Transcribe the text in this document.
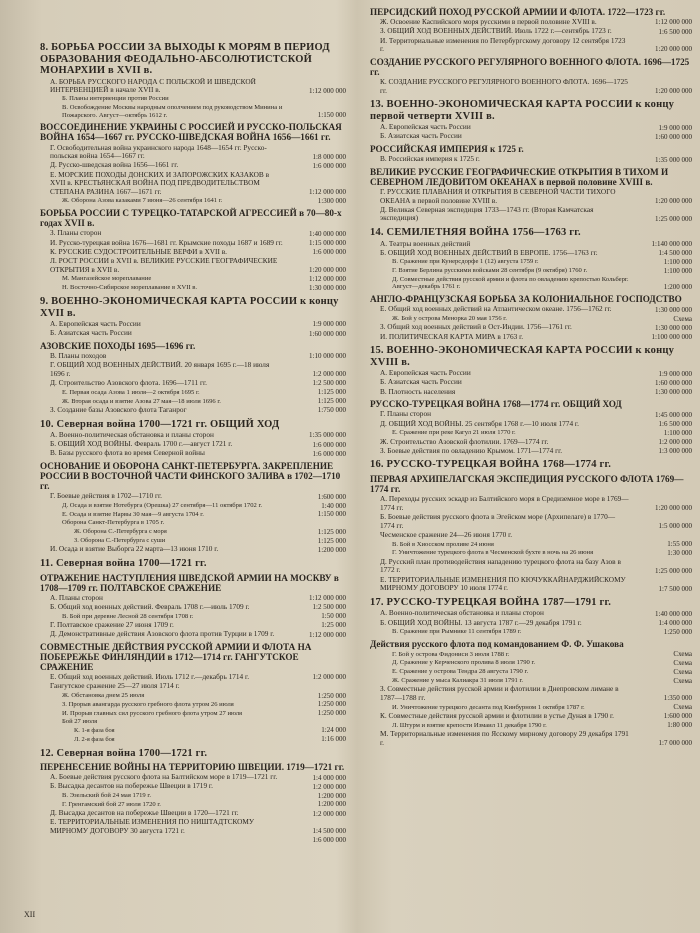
8. БОРЬБА РОССИИ ЗА ВЫХОДЫ К МОРЯМ В ПЕРИОД ОБРАЗОВАНИЯ ФЕОДАЛЬНО-АБСОЛЮТИСТСКОЙ МОНАРХИИ в XVII в.
А. БОРЬБА РУССКОГО НАРОДА С ПОЛЬСКОЙ И ШВЕДСКОЙ ИНТЕРВЕНЦИЕЙ в начале XVII в.	1:12 000 000
Б. Планы интервенции против России
В. Освобождение Москвы народным ополчением под руководством Минина и Пожарского. Август—октябрь 1612 г.	1:150 000
ВОССОЕДИНЕНИЕ УКРАИНЫ С РОССИЕЙ И РУССКО-ПОЛЬСКАЯ ВОЙНА 1654—1667 гг. РУССКО-ШВЕДСКАЯ ВОЙНА 1656—1661 гг.
Г. Освободительная война украинского народа 1648—1654 гг. Русско-польская война 1654—1667 гг.	1:8 000 000
Д. Русско-шведская война 1656—1661 гг.	1:6 000 000
Е. МОРСКИЕ ПОХОДЫ ДОНСКИХ И ЗАПОРОЖСКИХ КАЗАКОВ в XVII в. КРЕСТЬЯНСКАЯ ВОЙНА ПОД ПРЕДВОДИТЕЛЬСТВОМ СТЕПАНА РАЗИНА 1667—1671 гг.	1:12 000 000
Ж. Оборона Азова казаками 7 июня—26 сентября 1641 г.	1:300 000
БОРЬБА РОССИИ С ТУРЕЦКО-ТАТАРСКОЙ АГРЕССИЕЙ в 70—80-х годах XVII в.
З. Планы сторон	1:40 000 000
И. Русско-турецкая война 1676—1681 гг. Крымские походы 1687 и 1689 гг.	1:15 000 000
К. РУССКИЕ СУДОСТРОИТЕЛЬНЫЕ ВЕРФИ в XVII в.	1:6 000 000
Л. РОСТ РОССИИ в XVII в. ВЕЛИКИЕ РУССКИЕ ГЕОГРАФИЧЕСКИЕ ОТКРЫТИЯ в XVII в.	1:20 000 000
М. Мангазейское мореплавание	1:12 000 000
Н. Восточно-Сибирское мореплавание в XVII в.	1:30 000 000
9. ВОЕННО-ЭКОНОМИЧЕСКАЯ КАРТА РОССИИ к концу XVII в.
А. Европейская часть России	1:9 000 000
Б. Азиатская часть России	1:60 000 000
АЗОВСКИЕ ПОХОДЫ 1695—1696 гг.
В. Планы походов	1:10 000 000
Г. ОБЩИЙ ХОД ВОЕННЫХ ДЕЙСТВИЙ. 20 января 1695 г.—18 июля 1696 г.	1:2 000 000
Д. Строительство Азовского флота. 1696—1711 гг.	1:2 500 000
Е. Первая осада Азова 1 июля—2 октября 1695 г.	1:125 000
Ж. Вторая осада и взятие Азова 27 мая—18 июля 1696 г.	1:125 000
З. Создание базы Азовского флота Таганрог	1:750 000
10. Северная война 1700—1721 гг. ОБЩИЙ ХОД
А. Военно-политическая обстановка и планы сторон	1:35 000 000
Б. ОБЩИЙ ХОД ВОЙНЫ. Февраль 1700 г.—август 1721 г.	1:6 000 000
В. Базы русского флота во время Северной войны	1:6 000 000
ОСНОВАНИЕ И ОБОРОНА САНКТ-ПЕТЕРБУРГА. ЗАКРЕПЛЕНИЕ РОССИИ В ВОСТОЧНОЙ ЧАСТИ ФИНСКОГО ЗАЛИВА в 1702—1710 гг.
Г. Боевые действия в 1702—1710 гг.	1:600 000
Д. Осада и взятие Нотебурга (Орешка) 27 сентября—11 октября 1702 г.	1:40 000
Е. Осада и взятие Нарвы 30 мая—9 августа 1704 г.	1:150 000
Оборона Санкт-Петербурга в 1705 г.
Ж. Оборона С.-Петербурга с моря	1:125 000
З. Оборона С.-Петербурга с суши	1:125 000
И. Осада и взятие Выборга 22 марта—13 июня 1710 г.	1:200 000
11. Северная война 1700—1721 гг.
ОТРАЖЕНИЕ НАСТУПЛЕНИЯ ШВЕДСКОЙ АРМИИ НА МОСКВУ в 1708—1709 гг. ПОЛТАВСКОЕ СРАЖЕНИЕ
А. Планы сторон	1:12 000 000
Б. Общий ход военных действий. Февраль 1708 г.—июль 1709 г.	1:2 500 000
В. Бой при деревне Лесной 28 сентября 1708 г.	1:50 000
Г. Полтавское сражение 27 июня 1709 г.	1:25 000
Д. Демонстративные действия Азовского флота против Турции в 1709 г.	1:12 000 000
СОВМЕСТНЫЕ ДЕЙСТВИЯ РУССКОЙ АРМИИ И ФЛОТА НА ПОБЕРЕЖЬЕ ФИНЛЯНДИИ в 1712—1714 гг. ГАНГУТСКОЕ СРАЖЕНИЕ
Е. Общий ход военных действий. Июль 1712 г.—декабрь 1714 г.	1:2 000 000
Гангутское сражение 25—27 июля 1714 г.
Ж. Обстановка днем 25 июля	1:250 000
З. Прорыв авангарда русского гребного флота утром 26 июля	1:250 000
И. Прорыв главных сил русского гребного флота утром 27 июля	1:250 000
Бой 27 июля
К. 1-я фаза боя	1:24 000
Л. 2-я фаза боя	1:16 000
12. Северная война 1700—1721 гг.
ПЕРЕНЕСЕНИЕ ВОЙНЫ НА ТЕРРИТОРИЮ ШВЕЦИИ. 1719—1721 гг.
А. Боевые действия русского флота на Балтийском море в 1719—1721 гг.	1:4 000 000
Б. Высадка десантов на побережье Швеции в 1719 г.	1:2 000 000
В. Эзельский бой 24 мая 1719 г.	1:200 000
Г. Гренгамский бой 27 июля 1720 г.	1:200 000
Д. Высадка десантов на побережье Швеции в 1720—1721 гг.	1:2 000 000
Е. ТЕРРИТОРИАЛЬНЫЕ ИЗМЕНЕНИЯ ПО НИШТАДТСКОМУ МИРНОМУ ДОГОВОРУ 30 августа 1721 г.	1:4 500 000
1:6 000 000
ПЕРСИДСКИЙ ПОХОД РУССКОЙ АРМИИ И ФЛОТА. 1722—1723 гг.
Ж. Освоение Каспийского моря русскими в первой половине XVIII в.	1:12 000 000
З. ОБЩИЙ ХОД ВОЕННЫХ ДЕЙСТВИЙ. Июль 1722 г.—сентябрь 1723 г.	1:6 500 000
И. Территориальные изменения по Петербургскому договору 12 сентября 1723 г.	1:20 000 000
СОЗДАНИЕ РУССКОГО РЕГУЛЯРНОГО ВОЕННОГО ФЛОТА. 1696—1725 гг.
К. СОЗДАНИЕ РУССКОГО РЕГУЛЯРНОГО ВОЕННОГО ФЛОТА. 1696—1725 гг.	1:20 000 000
13. ВОЕННО-ЭКОНОМИЧЕСКАЯ КАРТА РОССИИ к концу первой четверти XVIII в.
А. Европейская часть России	1:9 000 000
Б. Азиатская часть России	1:60 000 000
РОССИЙСКАЯ ИМПЕРИЯ к 1725 г.
В. Российская империя к 1725 г.	1:35 000 000
ВЕЛИКИЕ РУССКИЕ ГЕОГРАФИЧЕСКИЕ ОТКРЫТИЯ В ТИХОМ И СЕВЕРНОМ ЛЕДОВИТОМ ОКЕАНАХ в первой половине XVIII в.
Г. РУССКИЕ ПЛАВАНИЯ И ОТКРЫТИЯ В СЕВЕРНОЙ ЧАСТИ ТИХОГО ОКЕАНА в первой половине XVIII в.	1:20 000 000
Д. Великая Северная экспедиция 1733—1743 гг. (Вторая Камчатская экспедиция)	1:25 000 000
14. СЕМИЛЕТНЯЯ ВОЙНА 1756—1763 гг.
А. Театры военных действий	1:140 000 000
Б. ОБЩИЙ ХОД ВОЕННЫХ ДЕЙСТВИЙ В ЕВРОПЕ. 1756—1763 гг.	1:4 500 000
В. Сражение при Кунерсдорфе 1 (12) августа 1759 г.	1:100 000
Г. Взятие Берлина русскими войсками 28 сентября (9 октября) 1760 г.	1:100 000
Д. Совместные действия русской армии и флота по овладению крепостью Кольберг. Август—декабрь 1761 г.	1:200 000
АНГЛО-ФРАНЦУЗСКАЯ БОРЬБА ЗА КОЛОНИАЛЬНОЕ ГОСПОДСТВО
Е. Общий ход военных действий на Атлантическом океане. 1756—1762 гг.	1:30 000 000
Ж. Бой у острова Менорка 20 мая 1756 г.	Схема
З. Общий ход военных действий в Ост-Индии. 1756—1761 гг.	1:30 000 000
И. ПОЛИТИЧЕСКАЯ КАРТА МИРА в 1763 г.	1:100 000 000
15. ВОЕННО-ЭКОНОМИЧЕСКАЯ КАРТА РОССИИ к концу XVIII в.
А. Европейская часть России	1:9 000 000
Б. Азиатская часть России	1:60 000 000
В. Плотность населения	1:30 000 000
РУССКО-ТУРЕЦКАЯ ВОЙНА 1768—1774 гг. ОБЩИЙ ХОД
Г. Планы сторон	1:45 000 000
Д. ОБЩИЙ ХОД ВОЙНЫ. 25 сентября 1768 г.—10 июля 1774 г.	1:6 500 000
Е. Сражение при реке Кагул 21 июля 1770 г.	1:100 000
Ж. Строительство Азовской флотилии. 1769—1774 гг.	1:2 000 000
З. Боевые действия по овладению Крымом. 1771—1774 гг.	1:3 000 000
16. РУССКО-ТУРЕЦКАЯ ВОЙНА 1768—1774 гг.
ПЕРВАЯ АРХИПЕЛАГСКАЯ ЭКСПЕДИЦИЯ РУССКОГО ФЛОТА 1769—1774 гг.
А. Переходы русских эскадр из Балтийского моря в Средиземное море в 1769—1774 гг.	1:20 000 000
Б. Боевые действия русского флота в Эгейском море (Архипелаге) в 1770—1774 гг.	1:5 000 000
Чесменское сражение 24—26 июня 1770 г.
В. Бой в Хиосском проливе 24 июня	1:55 000
Г. Уничтожение турецкого флота в Чесменской бухте в ночь на 26 июня	1:30 000
Д. Русский план противодействия нападению турецкого флота на базу Азов в 1772 г.	1:25 000 000
Е. ТЕРРИТОРИАЛЬНЫЕ ИЗМЕНЕНИЯ ПО КЮЧУККАЙНАРДЖИЙСКОМУ МИРНОМУ ДОГОВОРУ 10 июля 1774 г.	1:7 500 000
17. РУССКО-ТУРЕЦКАЯ ВОЙНА 1787—1791 гг.
А. Военно-политическая обстановка и планы сторон	1:40 000 000
Б. ОБЩИЙ ХОД ВОЙНЫ. 13 августа 1787 г.—29 декабря 1791 г.	1:4 000 000
В. Сражение при Рымнике 11 сентября 1789 г.	1:250 000
Действия русского флота под командованием Ф. Ф. Ушакова
Г. Бой у острова Фидониси 3 июля 1788 г.	Схема
Д. Сражение у Керченского пролива 8 июля 1790 г.	Схема
Е. Сражение у острова Тендра 28 августа 1790 г.	Схема
Ж. Сражение у мыса Калиакра 31 июля 1791 г.	Схема
З. Совместные действия русской армии и флотилии в Днепровском лимане в 1787—1788 гг.	1:350 000
И. Уничтожение турецкого десанта под Кинбурном 1 октября 1787 г.	Схема
К. Совместные действия русской армии и флотилии в устье Дуная в 1790 г.	1:600 000
Л. Штурм и взятие крепости Измаил 11 декабря 1790 г.	1:80 000
М. Территориальные изменения по Ясскому мирному договору 29 декабря 1791 г.	1:7 000 000
XII
